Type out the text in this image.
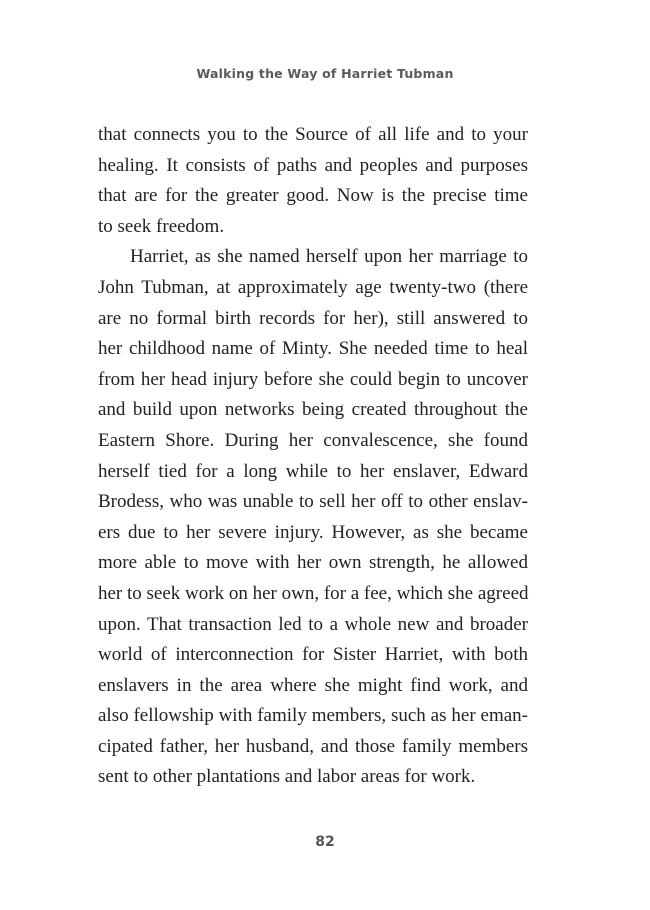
Walking the Way of Harriet Tubman
that connects you to the Source of all life and to your
healing. It consists of paths and peoples and purposes
that are for the greater good. Now is the precise time
to seek freedom.
Harriet, as she named herself upon her marriage to
John Tubman, at approximately age twenty-two (there
are no formal birth records for her), still answered to
her childhood name of Minty. She needed time to heal
from her head injury before she could begin to uncover
and build upon networks being created throughout the
Eastern Shore. During her convalescence, she found
herself tied for a long while to her enslaver, Edward
Brodess, who was unable to sell her off to other enslav-
ers due to her severe injury. However, as she became
more able to move with her own strength, he allowed
her to seek work on her own, for a fee, which she agreed
upon. That transaction led to a whole new and broader
world of interconnection for Sister Harriet, with both
enslavers in the area where she might find work, and
also fellowship with family members, such as her eman-
cipated father, her husband, and those family members
sent to other plantations and labor areas for work.
82
